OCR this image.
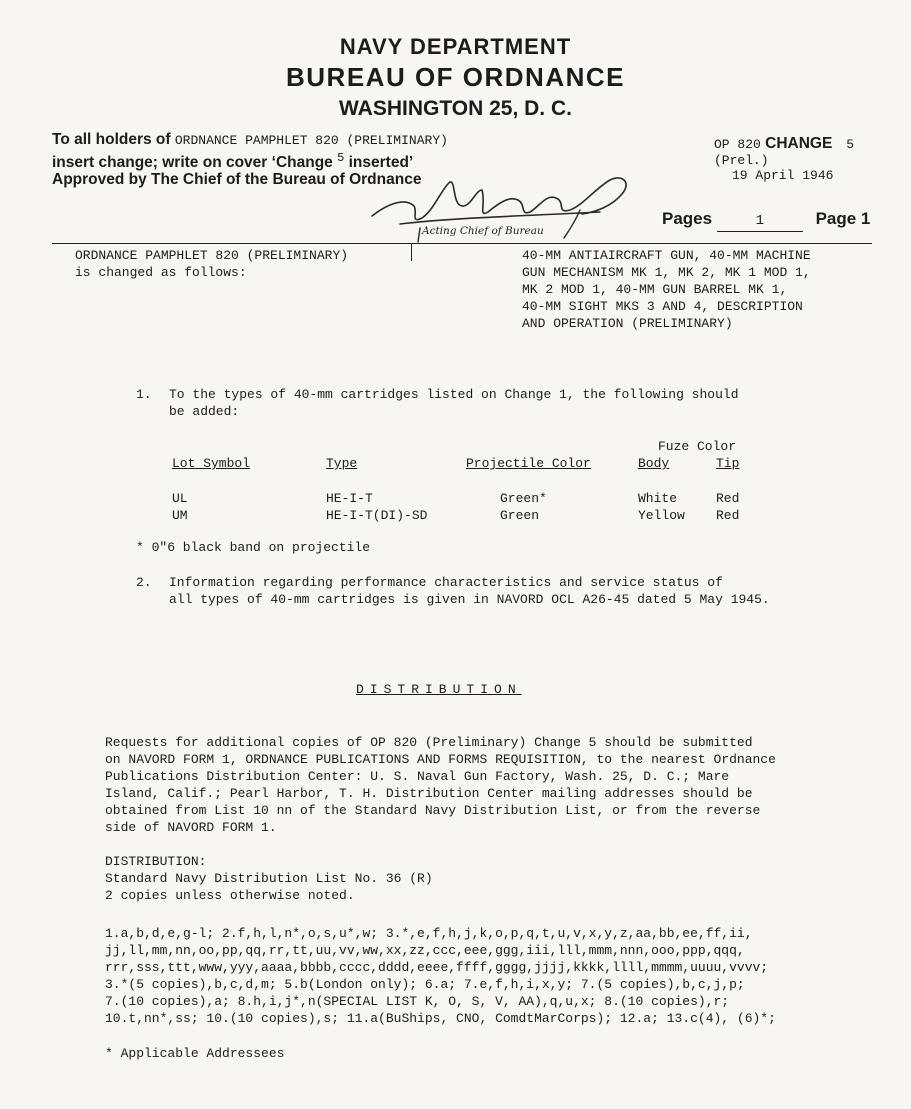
NAVY DEPARTMENT
BUREAU OF ORDNANCE
WASHINGTON 25, D. C.
To all holders of ORDNANCE PAMPHLET 820 (PRELIMINARY)
insert change; write on cover ‘Change $^5$ inserted’
Approved by The Chief of the Bureau of Ordnance
OP 820 CHANGE 5
(Prel.)
19 April 1946
Acting Chief of Bureau
Pages	1	Page 1
ORDNANCE PAMPHLET 820 (PRELIMINARY)
is changed as follows:
40-MM ANTIAIRCRAFT GUN, 40-MM MACHINE
GUN MECHANISM MK 1, MK 2, MK 1 MOD 1,
MK 2 MOD 1, 40-MM GUN BARREL MK 1,
40-MM SIGHT MKS 3 AND 4, DESCRIPTION
AND OPERATION (PRELIMINARY)
1. To the types of 40-mm cartridges listed on Change 1, the following should
be added:
			Fuze Color	
Lot Symbol	Type	Projectile Color	Body	Tip

UL	HE-I-T	Green*	White	Red
UM	HE-I-T(DI)-SD	Green	Yellow	Red
* 0"6 black band on projectile
2. Information regarding performance characteristics and service status of
all types of 40-mm cartridges is given in NAVORD OCL A26-45 dated 5 May 1945.
DISTRIBUTION
Requests for additional copies of OP 820 (Preliminary) Change 5 should be submitted
on NAVORD FORM 1, ORDNANCE PUBLICATIONS AND FORMS REQUISITION, to the nearest Ordnance
Publications Distribution Center: U. S. Naval Gun Factory, Wash. 25, D. C.; Mare
Island, Calif.; Pearl Harbor, T. H. Distribution Center mailing addresses should be
obtained from List 10 nn of the Standard Navy Distribution List, or from the reverse
side of NAVORD FORM 1.
DISTRIBUTION:
Standard Navy Distribution List No. 36 (R)
2 copies unless otherwise noted.
1.a,b,d,e,g-l; 2.f,h,l,n*,o,s,u*,w; 3.*,e,f,h,j,k,o,p,q,t,u,v,x,y,z,aa,bb,ee,ff,ii,
jj,ll,mm,nn,oo,pp,qq,rr,tt,uu,vv,ww,xx,zz,ccc,eee,ggg,iii,lll,mmm,nnn,ooo,ppp,qqq,
rrr,sss,ttt,www,yyy,aaaa,bbbb,cccc,dddd,eeee,ffff,gggg,jjjj,kkkk,llll,mmmm,uuuu,vvvv;
3.*(5 copies),b,c,d,m; 5.b(London only); 6.a; 7.e,f,h,i,x,y; 7.(5 copies),b,c,j,p;
7.(10 copies),a; 8.h,i,j*,n(SPECIAL LIST K, O, S, V, AA),q,u,x; 8.(10 copies),r;
10.t,nn*,ss; 10.(10 copies),s; 11.a(BuShips, CNO, ComdtMarCorps); 12.a; 13.c(4), (6)*;
* Applicable Addressees
